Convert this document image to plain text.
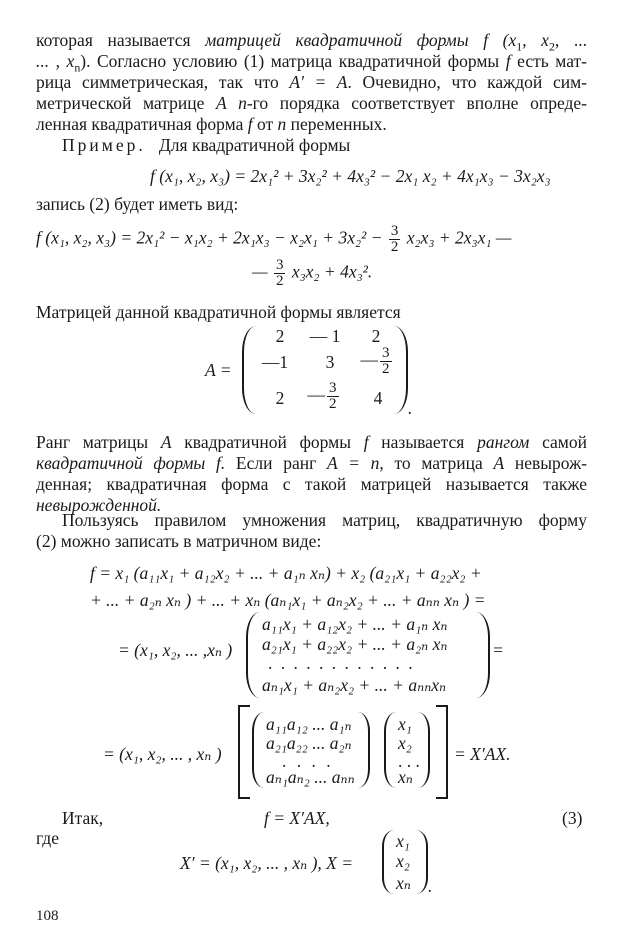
которая называется матрицей квадратичной формы f ($x_1$, $x_2$, ...
... , $x_n$). Согласно условию (1) матрица квадратичной формы f есть мат-
рица симметрическая, так что A' = A. Очевидно, что каждой сим-
метрической матрице A n-го порядка соответствует вполне опреде-
ленная квадратичная форма f от n переменных.
Пример. Для квадратичной формы
f (x₁, x₂, x₃) = 2x₁² + 3x₂² + 4x₃² − 2x₁ x₂ + 4x₁x₃ − 3x₂x₃
запись (2) будет иметь вид:
f (x₁, x₂, $x_3) = 2x_1^2 - x_1x_2 + 2x_1x_3 - x_2x_1 + 3x_2^2 - \frac{3}{2} x_2x_3 + 2x_3x_1$ —
— $\frac{3}{2} x_3x_2 + 4x_3^2$.
Матрицей данной квадратичной формы является
A =
2	— 1	2
—1	3	— $\frac{3}{2}$
2	— $\frac{3}{2}$	4	.
Ранг матрицы A квадратичной формы f называется рангом самой
квадратичной формы f. Если ранг A = n, то матрица A невырож-
денная; квадратичная форма с такой матрицей называется также
невырожденной.
Пользуясь правилом умножения матриц, квадратичную форму
(2) можно записать в матричном виде:
f = x₁ (a₁₁x₁ + a₁₂x₂ + ... + a₁ₙ xₙ) + x₂ (a₂₁x₁ + a₂₂x₂ +
+ ... + a₂ₙ xₙ ) + ... + xₙ (aₙ₁x₁ + aₙ₂x₂ + ... + aₙₙ xₙ ) =
= (x₁, x₂, ... ,xₙ )
a₁₁x₁ + a₁₂x₂ + ... + a₁ₙ xₙ
a₂₁x₁ + a₂₂x₂ + ... + a₂ₙ xₙ
. . . . . . . . . . . .
aₙ₁x₁ + aₙ₂x₂ + ... + aₙₙxₙ
=
= (x₁, x₂, ... , xₙ )
a₁₁a₁₂ ... a₁ₙ
a₂₁a₂₂ ... a₂ₙ
. . . .
aₙ₁aₙ₂ ... aₙₙ
x₁
x₂
. . .
xₙ
= X′AX.
Итак,	f = X′AX,	(3)
где
X′ = (x₁, x₂, ... , xₙ ), X =
x₁
x₂
xₙ .
108
